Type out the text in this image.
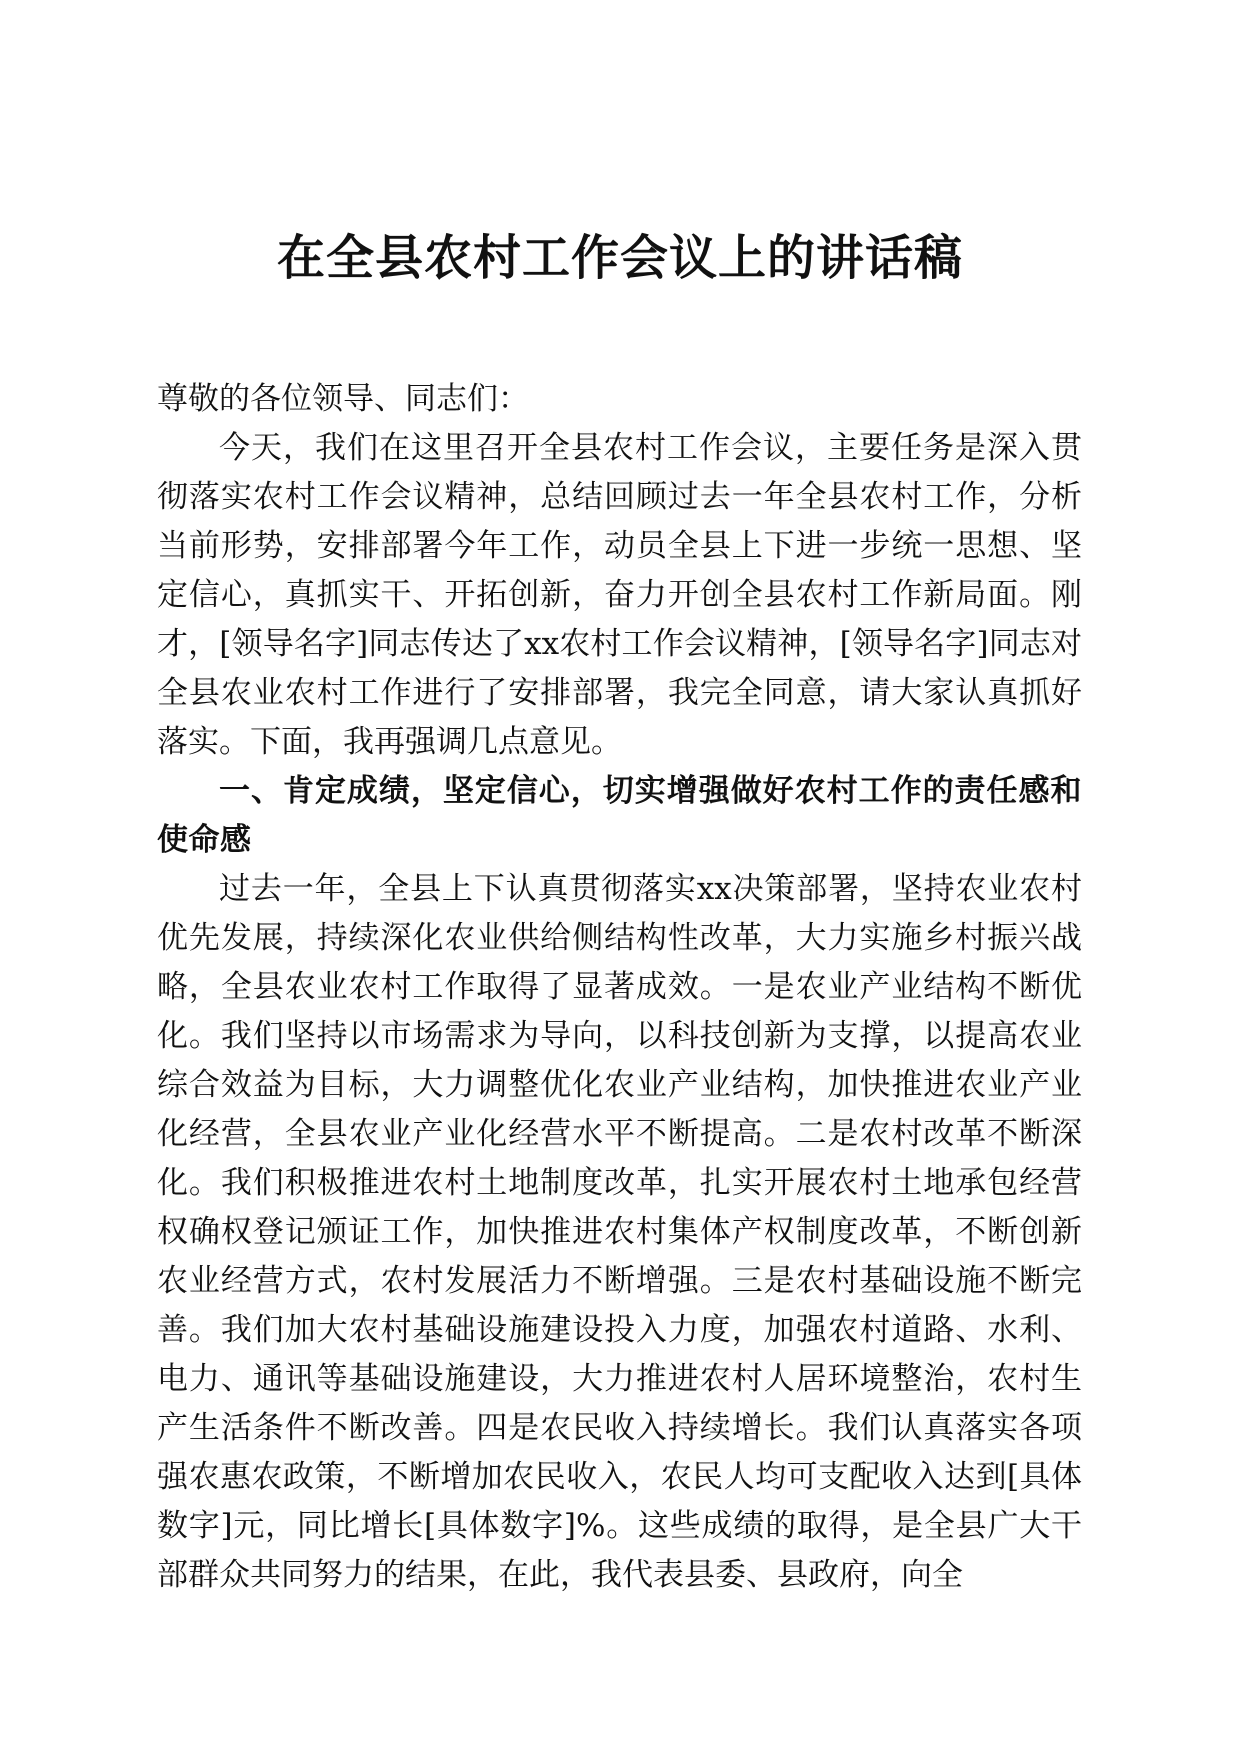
在全县农村工作会议上的讲话稿

尊敬的各位领导、同志们：

今天，我们在这里召开全县农村工作会议，主要任务是深入贯彻落实农村工作会议精神，总结回顾过去一年全县农村工作，分析当前形势，安排部署今年工作，动员全县上下进一步统一思想、坚定信心，真抓实干、开拓创新，奋力开创全县农村工作新局面。刚才，[领导名字]同志传达了xx农村工作会议精神，[领导名字]同志对全县农业农村工作进行了安排部署，我完全同意，请大家认真抓好落实。下面，我再强调几点意见。

一、肯定成绩，坚定信心，切实增强做好农村工作的责任感和使命感

过去一年，全县上下认真贯彻落实xx决策部署，坚持农业农村优先发展，持续深化农业供给侧结构性改革，大力实施乡村振兴战略，全县农业农村工作取得了显著成效。一是农业产业结构不断优化。我们坚持以市场需求为导向，以科技创新为支撑，以提高农业综合效益为目标，大力调整优化农业产业结构，加快推进农业产业化经营，全县农业产业化经营水平不断提高。二是农村改革不断深化。我们积极推进农村土地制度改革，扎实开展农村土地承包经营权确权登记颁证工作，加快推进农村集体产权制度改革，不断创新农业经营方式，农村发展活力不断增强。三是农村基础设施不断完善。我们加大农村基础设施建设投入力度，加强农村道路、水利、电力、通讯等基础设施建设，大力推进农村人居环境整治，农村生产生活条件不断改善。四是农民收入持续增长。我们认真落实各项强农惠农政策，不断增加农民收入，农民人均可支配收入达到[具体数字]元，同比增长[具体数字]%。这些成绩的取得，是全县广大干部群众共同努力的结果，在此，我代表县委、县政府，向全
